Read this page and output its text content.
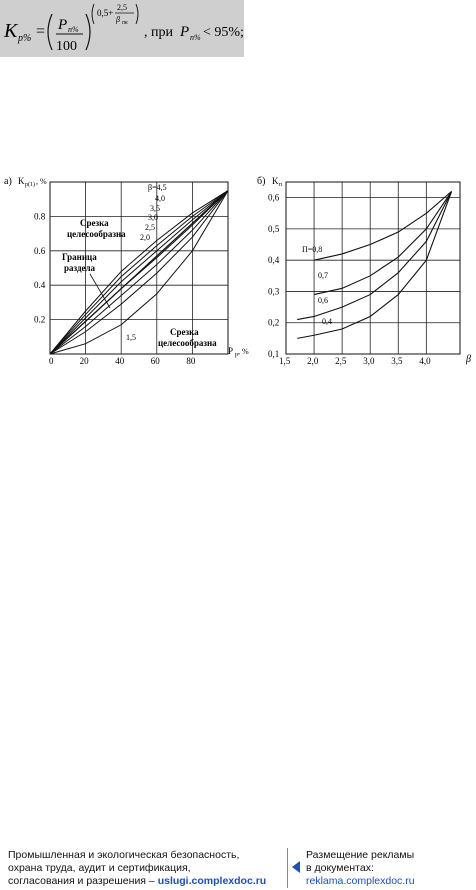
K p% = P п%
100
0,5+
2,5
β пк
, при P п% < 95%;
а) K p(1) , %
20	40	60	80
0.2
0.4
0.6
0.8
0
P p , %
Срезка
целесообразна
Граница
раздела
Срезка
целесообразна
β=4,5
4,0
3,5
3,0
2,5
2,0
1,5
б) K п
1,5 2,0 2,5 3,0 3,5 4,0
0,1
0,2
0,3
0,4
0,5
0,6
β
П=0,8
0,7
0,6
0,4
Промышленная и экологическая безопасность,
охрана труда, аудит и сертификация,
согласования и разрешения – uslugi.complexdoc.ru
Размещение рекламы
в документах:
reklama.complexdoc.ru
